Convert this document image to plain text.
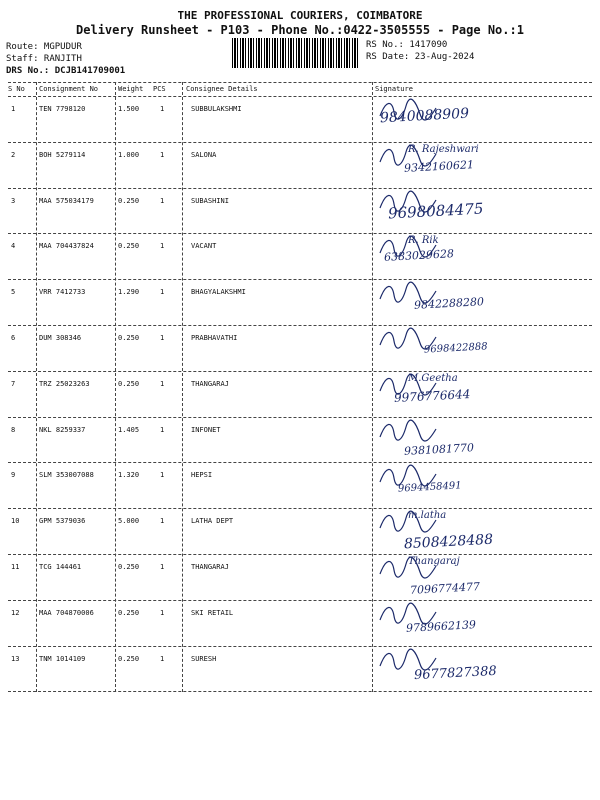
THE PROFESSIONAL COURIERS, COIMBATORE
Delivery Runsheet - P103 - Phone No.:0422-3505555 - Page No.:1
Route: MGPUDUR
Staff: RANJITH
DRS No.: DCJB141709001
RS No.: 1417090
RS Date: 23-Aug-2024
S No Consignment No	Weight PCS	Consignee Details	Signature
1	TEN 7798120	1.500	1	SUBBULAKSHMI	9840088909
2	BOH 5279114	1.000	1	SALONA	R. Rajeshwari
9342160621
3	MAA 575034179	0.250	1	SUBASHINI	9698084475
4	MAA 704437824	0.250	1	VACANT	R. Rik
6383029628
5	VRR 7412733	1.290	1	BHAGYALAKSHMI
9842288280
6	DUM 308346	0.250	1	PRABHAVATHI
9698422888
7	TRZ 25023263	0.250	1	THANGARAJ	M.Geetha
9976776644
8	NKL 8259337	1.405	1	INFONET
9381081770
9	SLM 353007088	1.320	1	HEPSI
9694458491
10	GPM 5379036	5.000	1	LATHA DEPT	m.latha
8508428488
11	TCG 144461	0.250	1	THANGARAJ	Thangaraj
7096774477
12	MAA 704870006	0.250	1	SKI RETAIL
9789662139
13	TNM 1014109	0.250	1	SURESH
9677827388
